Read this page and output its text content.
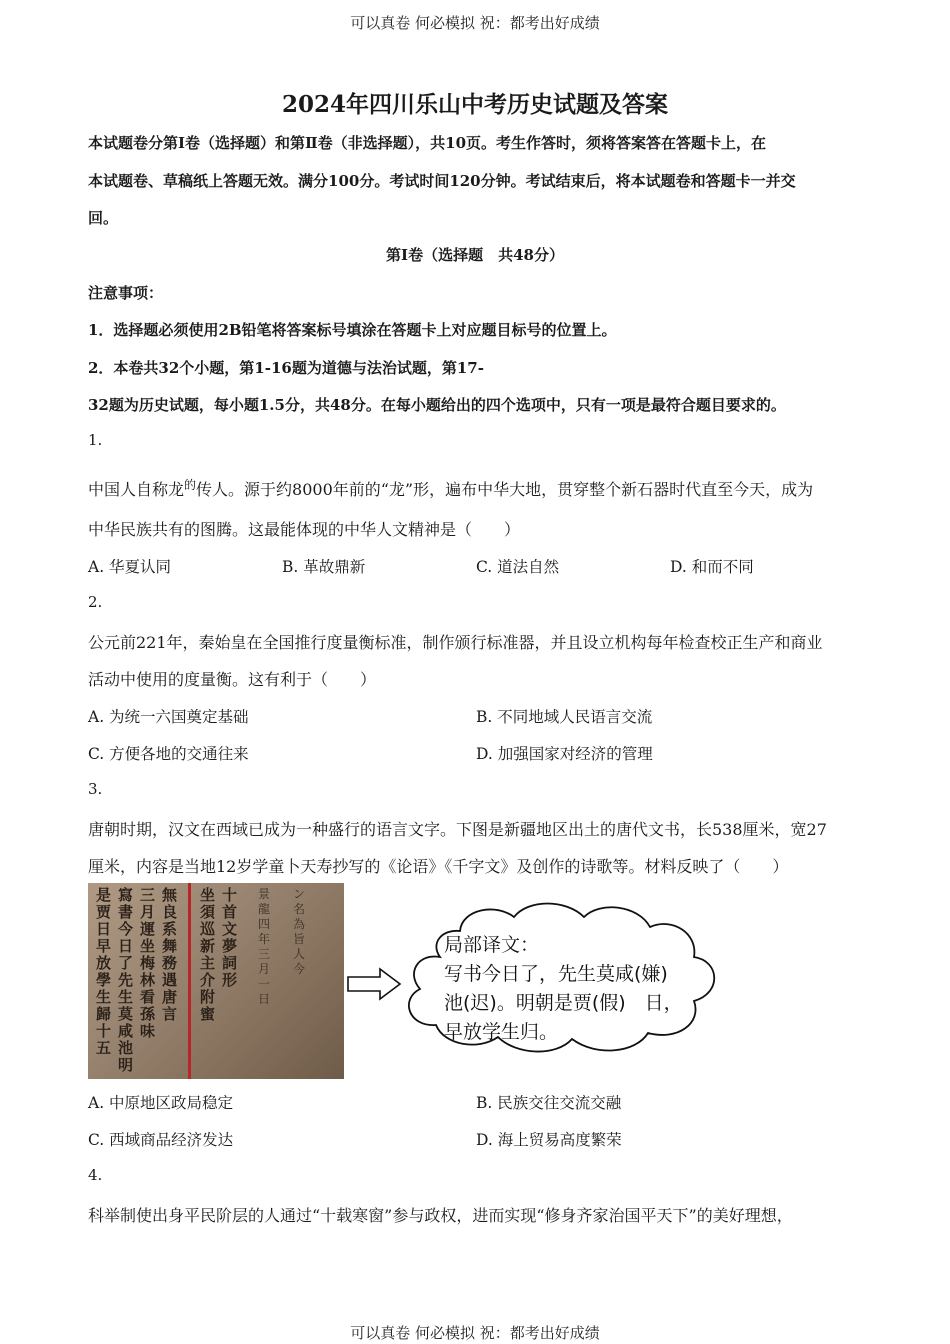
可以真卷 何必模拟 祝：都考出好成绩
2024年四川乐山中考历史试题及答案
本试题卷分第Ⅰ卷（选择题）和第Ⅱ卷（非选择题），共10页。考生作答时，须将答案答在答题卡上，在
本试题卷、草稿纸上答题无效。满分100分。考试时间120分钟。考试结束后，将本试题卷和答题卡一并交
回。
第Ⅰ卷（选择题　共48分）
注意事项：
1．选择题必须使用2B铅笔将答案标号填涂在答题卡上对应题目标号的位置上。
2．本卷共32个小题，第1-16题为道德与法治试题，第17-
32题为历史试题，每小题1.5分，共48分。在每小题给出的四个选项中，只有一项是最符合题目要求的。
1.
中国人自称龙$^的$传人。源于约8000年前的“龙”形，遍布中华大地，贯穿整个新石器时代直至今天，成为
中华民族共有的图腾。这最能体现的中华人文精神是（　　）
A. 华夏认同	B. 革故鼎新	C. 道法自然	D. 和而不同
2.
公元前221年，秦始皇在全国推行度量衡标准，制作颁行标准器，并且设立机构每年检查校正生产和商业
活动中使用的度量衡。这有利于（　　）
A. 为统一六国奠定基础	B. 不同地域人民语言交流
C. 方便各地的交通往来	D. 加强国家对经济的管理
3.
唐朝时期，汉文在西域已成为一种盛行的语言文字。下图是新疆地区出土的唐代文书，长538厘米，宽27
厘米，内容是当地12岁学童卜天寿抄写的《论语》《千字文》及创作的诗歌等。材料反映了（　　）
是贾日早放學生歸十五
寫書今日了先生莫咸池明
三月運坐梅林看孫味
無良系舞務遇唐言
坐須巡新主介附蜜
十首文夢詞形
景龍四年三月一日
ン名為旨人今
局部译文：
写书今日了，先生莫咸(嫌)
池(迟)。明朝是贾(假)　日，
早放学生归。
A. 中原地区政局稳定	B. 民族交往交流交融
C. 西域商品经济发达	D. 海上贸易高度繁荣
4.
科举制使出身平民阶层的人通过“十载寒窗”参与政权，进而实现“修身齐家治国平天下”的美好理想，
可以真卷 何必模拟 祝：都考出好成绩
